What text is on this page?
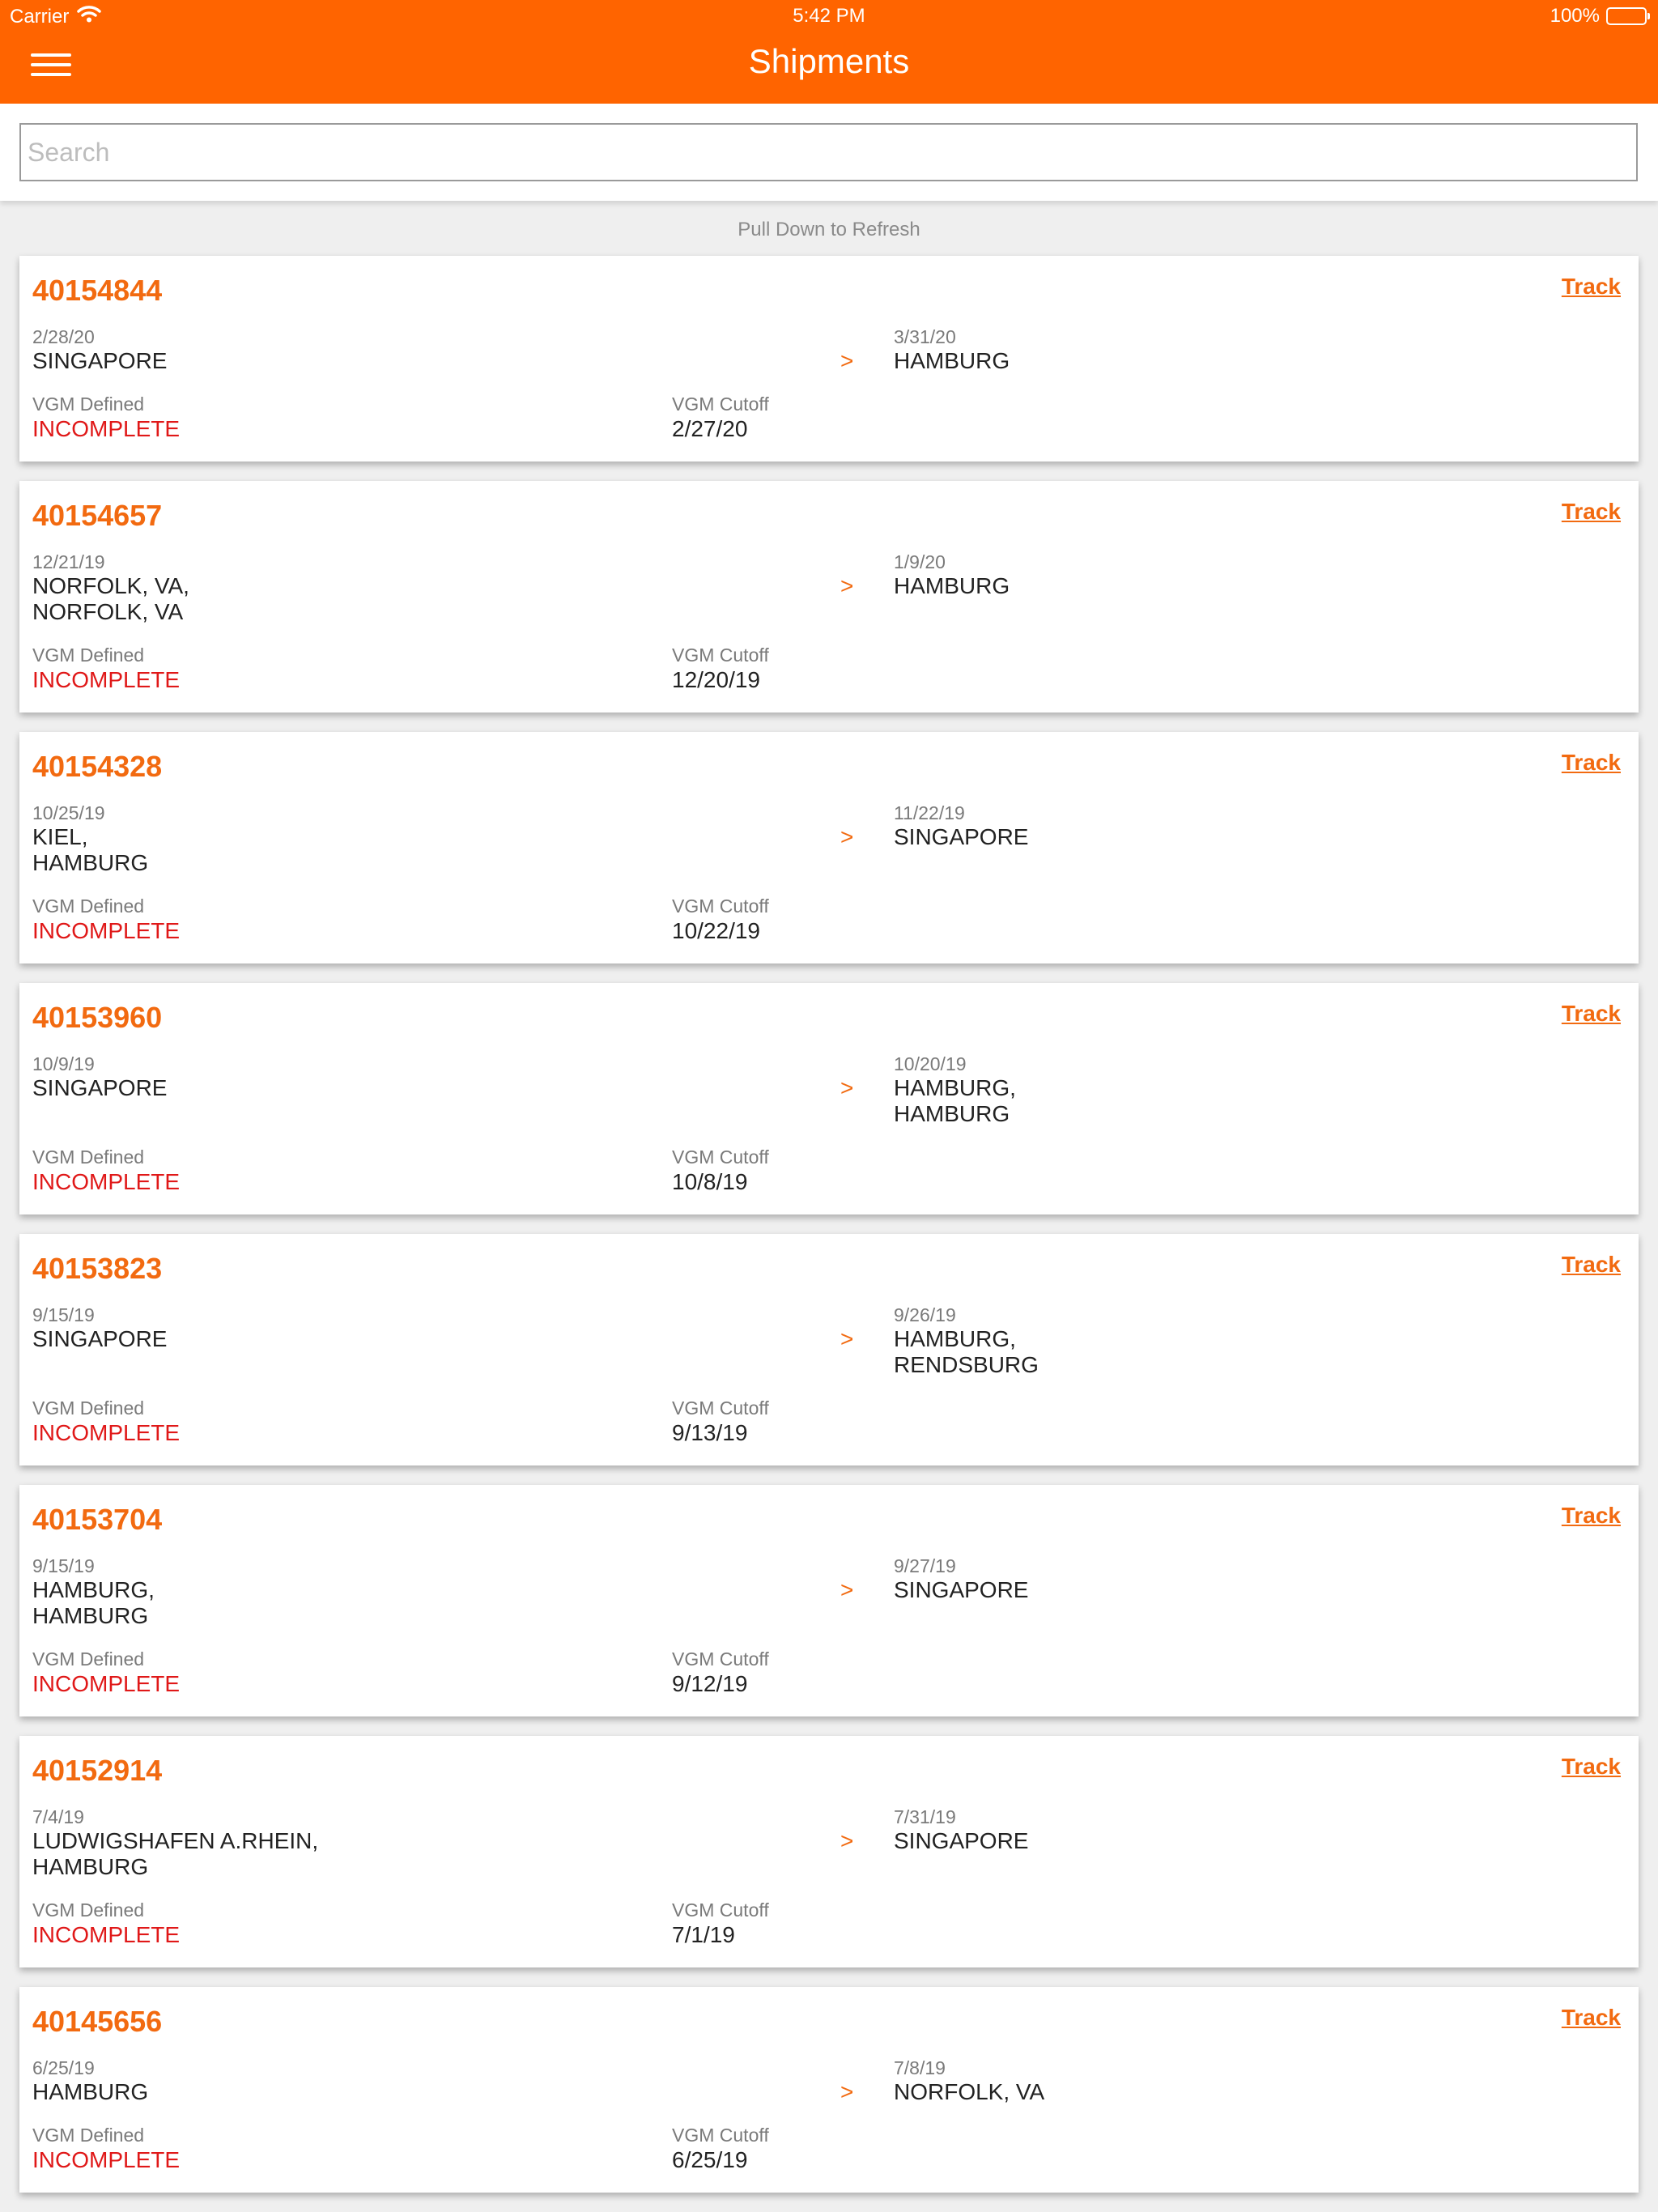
Carrier	5:42 PM	100%
Shipments
Search
Pull Down to Refresh
40154844	Track
2/28/20
SINGAPORE	>
3/31/20
HAMBURG
VGM Defined
INCOMPLETE
VGM Cutoff
2/27/20
40154657	Track
12/21/19
NORFOLK, VA,
NORFOLK, VA
>
1/9/20
HAMBURG
VGM Defined
INCOMPLETE
VGM Cutoff
12/20/19
40154328	Track
10/25/19
KIEL,
HAMBURG
>
11/22/19
SINGAPORE
VGM Defined
INCOMPLETE
VGM Cutoff
10/22/19
40153960	Track
10/9/19
SINGAPORE	>
10/20/19
HAMBURG,
HAMBURG
VGM Defined
INCOMPLETE
VGM Cutoff
10/8/19
40153823	Track
9/15/19
SINGAPORE	>
9/26/19
HAMBURG,
RENDSBURG
VGM Defined
INCOMPLETE
VGM Cutoff
9/13/19
40153704	Track
9/15/19
HAMBURG,
HAMBURG
>
9/27/19
SINGAPORE
VGM Defined
INCOMPLETE
VGM Cutoff
9/12/19
40152914	Track
7/4/19
LUDWIGSHAFEN A.RHEIN,
HAMBURG
>
7/31/19
SINGAPORE
VGM Defined
INCOMPLETE
VGM Cutoff
7/1/19
40145656	Track
6/25/19
HAMBURG	>
7/8/19
NORFOLK, VA
VGM Defined
INCOMPLETE
VGM Cutoff
6/25/19
